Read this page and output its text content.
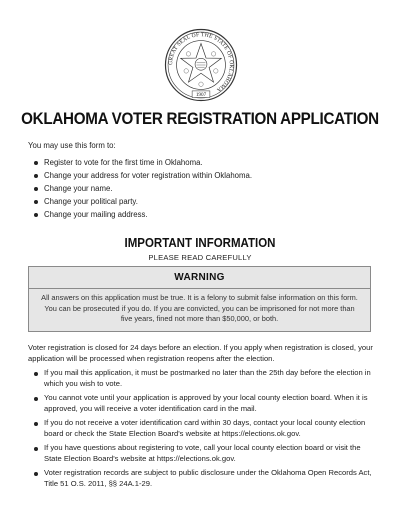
GREAT SEAL OF THE STATE OF OKLAHOMA
1907
OKLAHOMA VOTER REGISTRATION APPLICATION
You may use this form to:
Register to vote for the first time in Oklahoma.
Change your address for voter registration within Oklahoma.
Change your name.
Change your political party.
Change your mailing address.
IMPORTANT INFORMATION
PLEASE READ CAREFULLY
WARNING
All answers on this application must be true. It is a felony to submit false information on this form. You can be prosecuted if you do. If you are convicted, you can be imprisoned for not more than five years, fined not more than $50,000, or both.
Voter registration is closed for 24 days before an election. If you apply when registration is closed, your application will be processed when registration reopens after the election.
If you mail this application, it must be postmarked no later than the 25th day before the election in which you wish to vote.
You cannot vote until your application is approved by your local county election board. When it is approved, you will receive a voter identification card in the mail.
If you do not receive a voter identification card within 30 days, contact your local county election board or check the State Election Board's website at https://elections.ok.gov.
If you have questions about registering to vote, call your local county election board or visit the State Election Board's website at https://elections.ok.gov.
Voter registration records are subject to public disclosure under the Oklahoma Open Records Act, Title 51 O.S. 2011, §§ 24A.1-29.
